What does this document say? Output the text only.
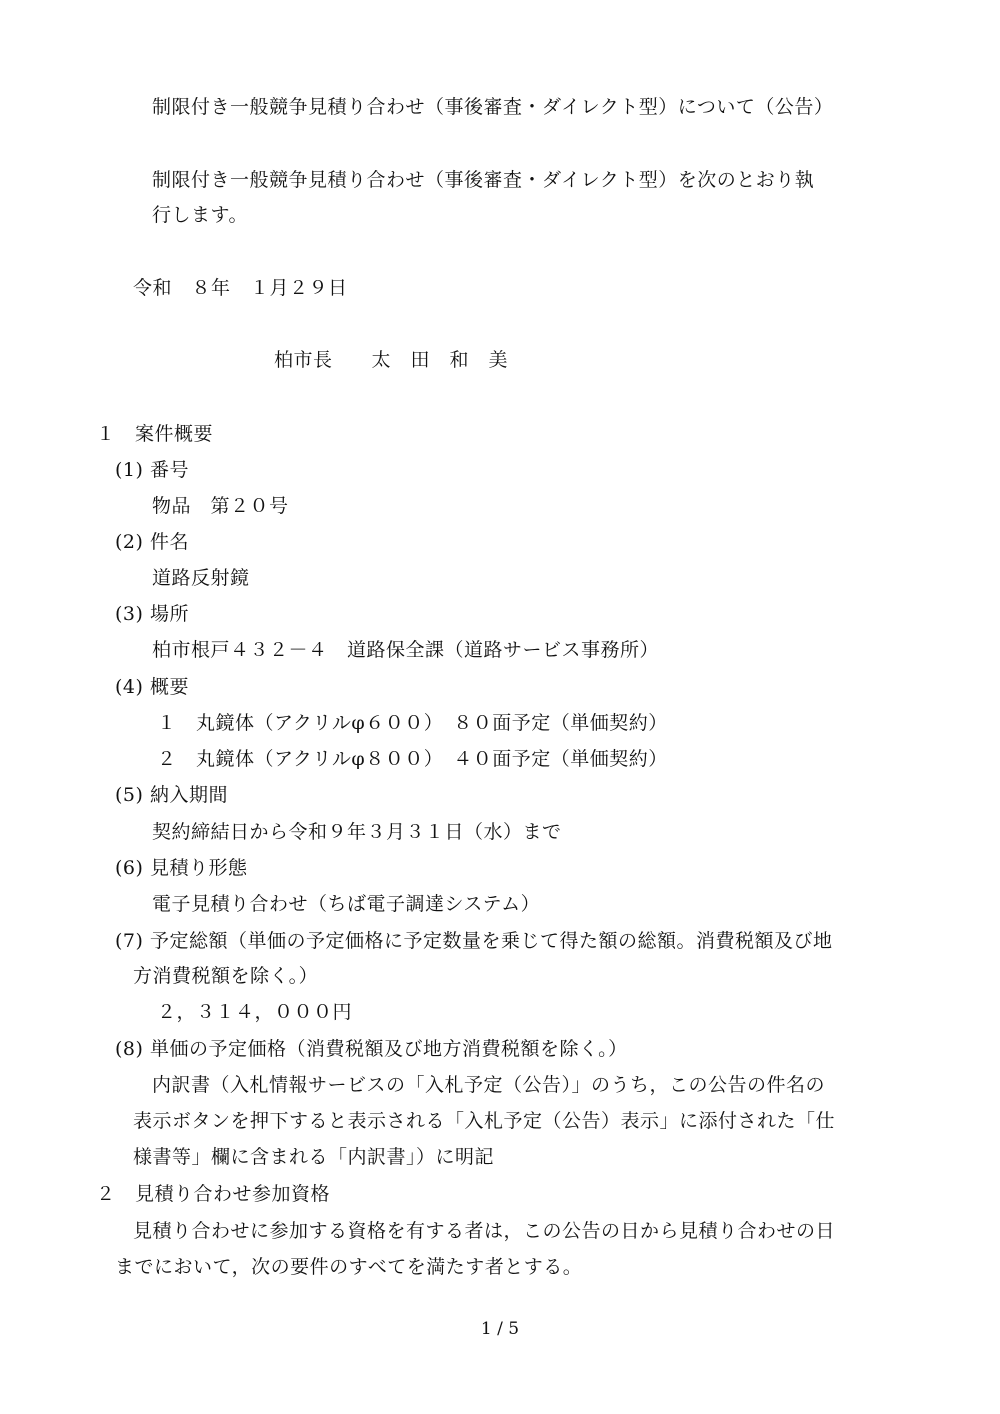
制限付き一般競争見積り合わせ（事後審査・ダイレクト型）について（公告）
制限付き一般競争見積り合わせ（事後審査・ダイレクト型）を次のとおり執
行します。
令和　８年　１月２９日
柏市長　　太　田　和　美
１　案件概要
(1) 番号
物品　第２０号
(2) 件名
道路反射鏡
(3) 場所
柏市根戸４３２－４　道路保全課（道路サービス事務所）
(4) 概要
１　丸鏡体（アクリルφ６００）　８０面予定（単価契約）
２　丸鏡体（アクリルφ８００）　４０面予定（単価契約）
(5) 納入期間
契約締結日から令和９年３月３１日（水）まで
(6) 見積り形態
電子見積り合わせ（ちば電子調達システム）
(7) 予定総額（単価の予定価格に予定数量を乗じて得た額の総額。消費税額及び地
方消費税額を除く。）
２，３１４，０００円
(8) 単価の予定価格（消費税額及び地方消費税額を除く。）
内訳書（入札情報サービスの「入札予定（公告）」のうち，この公告の件名の
表示ボタンを押下すると表示される「入札予定（公告）表示」に添付された「仕
様書等」欄に含まれる「内訳書」）に明記
２　見積り合わせ参加資格
見積り合わせに参加する資格を有する者は，この公告の日から見積り合わせの日
までにおいて，次の要件のすべてを満たす者とする。
1 / 5
